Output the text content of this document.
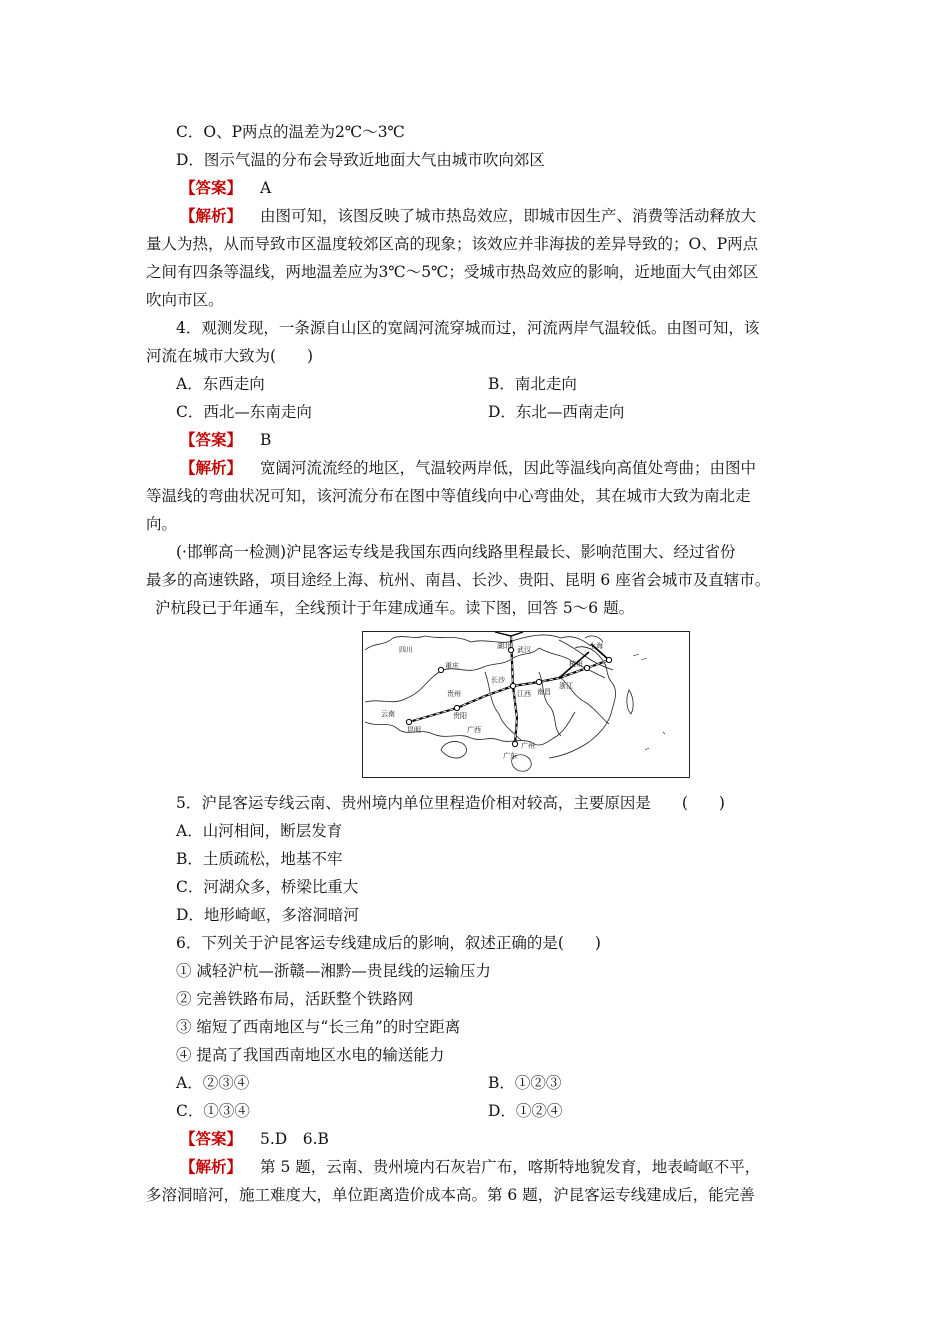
C．O、P两点的温差为2℃～3℃
D．图示气温的分布会导致近地面大气由城市吹向郊区
【答案】 A
【解析】 由图可知，该图反映了城市热岛效应，即城市因生产、消费等活动释放大
量人为热，从而导致市区温度较郊区高的现象；该效应并非海拔的差异导致的；O、P两点
之间有四条等温线，两地温差应为3℃～5℃；受城市热岛效应的影响，近地面大气由郊区
吹向市区。
4．观测发现，一条源自山区的宽阔河流穿城而过，河流两岸气温较低。由图可知，该
河流在城市大致为(　　)
A．东西走向	B．南北走向
C．西北—东南走向	D．东北—西南走向
【答案】 B
【解析】 宽阔河流流经的地区，气温较两岸低，因此等温线向高值处弯曲；由图中
等温线的弯曲状况可知，该河流分布在图中等值线向中心弯曲处，其在城市大致为南北走
向。
(·邯郸高一检测)沪昆客运专线是我国东西向线路里程最长、影响范围大、经过省份
最多的高速铁路，项目途经上海、杭州、南昌、长沙、贵阳、昆明 6 座省会城市及直辖市。
沪杭段已于年通车，全线预计于年建成通车。读下图，回答 5～6 题。
四川
重庆
湖北 武汉	上海
杭州
浙江
长沙
江西 南昌
贵州
贵阳
云南
昆明	广西
广东
广州
5．沪昆客运专线云南、贵州境内单位里程造价相对较高，主要原因是　　(　　)
A．山河相间，断层发育
B．土质疏松，地基不牢
C．河湖众多，桥梁比重大
D．地形崎岖，多溶洞暗河
6．下列关于沪昆客运专线建成后的影响，叙述正确的是(　　)
① 减轻沪杭—浙赣—湘黔—贵昆线的运输压力
② 完善铁路布局，活跃整个铁路网
③ 缩短了西南地区与“长三角”的时空距离
④ 提高了我国西南地区水电的输送能力
A．②③④	B．①②③
C．①③④	D．①②④
【答案】 5.D　6.B
【解析】 第 5 题，云南、贵州境内石灰岩广布，喀斯特地貌发育，地表崎岖不平，
多溶洞暗河，施工难度大，单位距离造价成本高。第 6 题，沪昆客运专线建成后，能完善
